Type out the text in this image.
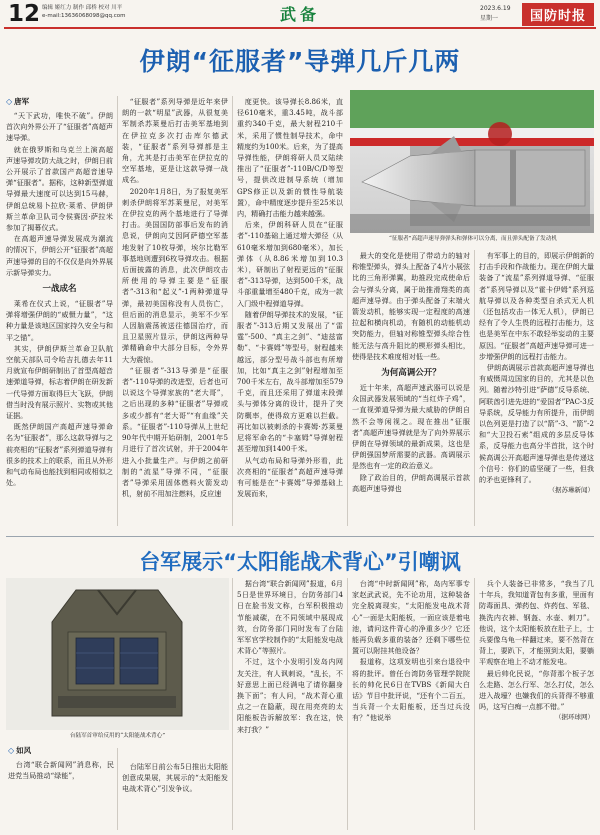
12 编辑 姬红力 制作 邱桥 校对 川平
e-mail:13636068098@qq.com	武备	2023.6.19
星期一	国防时报
伊朗“征服者”导弹几斤几两
◇ 唐军

“天下武功，唯快不破”。伊朗首次向外界公开了“征服者”高超声速导弹。

就在俄罗斯和乌克兰上演高超声速导弹攻防大战之时，伊朗日前公开展示了首款国产高超音速导弹“征服者”。据称，这种新型弹道导弹最大速度可以达到15马赫，伊朗总统易卜拉欣·莱希、伊朗伊斯兰革命卫队司令侯赛因·萨拉米参加了揭幕仪式。

在高超声速导弹发展成为潮流的情况下，伊朗公开“征服者”高超声速导弹的目的不仅仅是向外界展示新导弹实力。

一战成名

莱希在仪式上说，“征服者”导弹将增强伊朗的“威慑力量”，“这种力量是该地区国家持久安全与和平之锚”。

其实，伊朗伊斯兰革命卫队航空航天部队司令哈吉扎德去年11月就宣布伊朗研制出了首型高超音速弹道导弹，标志着伊朗在研发新一代导弹方面取得巨大飞跃，伊朗借当时没有展示照片、实物或其他证据。

既然伊朗国产高超声速导弹命名为“征服者”，那么这款导弹与之前亮相的“征服者”系列弹道导弹有很多的技术上的联系，而且从外形和气动布局也能找到相同或相似之处。

“征服者”系列导弹是近年来伊朗的一款“明星”武器，从很复美军制杀苏莱曼后打击美军基地到在伊拉克多次打击库尔德武装，“征服者”系列导弹都是主角，尤其是打击美军在伊拉克的空军基地，更是让这款导弹一战成名。

2020年1月8日，为了报复美军刺杀伊朗将军苏莱曼尼，对美军在伊拉克的两个基地进行了导弹打击。美国国防部事后发布的消息说，伊朗向艾因阿萨德空军基地发射了10枚导弹，埃尔比勒军事基地则遭到6枚导弹攻击。根据后面披露的消息，此次伊朗攻击所使用的导弹主要是“征服者”-313和“起义”-1两种弹道导弹，最初美国称没有人员伤亡，但后面的消息显示，美军不少军人因脑震荡被送往德国治疗，而且卫星照片显示，伊朗这两种导弹精确命中大部分目标，令外界大为震惊。

“征服者”-313导弹是“征服者”-110导弹的改进型，后者也可以说这个导弹家族的“老大哥”，之后出现的多种“征服者”导弹或多或少都有“老大哥”“有血缘”关系。“征服者”-110导弹从上世纪90年代中期开始研制，2001年5月进行了首次试射，并于2004年进入小批量生产。与伊朗之前研制的“流星”导弹不同，“征服者”导弹采用固体燃料火箭发动机，射前不用加注燃料，反应速

度更快。该导弹长8.86米，直径610毫米，重3.45吨，战斗部重约340千克，最大射程210千米，采用了惯性制导技术，命中精度约为100米。后来，为了提高导弹性能，伊朗将研人员又陆续推出了“征服者”-110B/C/D等型号，提供改进制导系统（增加GPS修正以及新的惯性导航装置），命中精度逐步提升至25米以内，精确打击能力越来越强。

后来，伊朗科研人员在“征服者”-110基础上通过增大弹径（从610毫米增加到680毫米），加长弹体（从8.86米增加到10.3米），研制出了射程更远的“征服者”-313导弹，达到500千米，战斗部重量增至480千克，成为一款入门级中程弹道导弹。

随着伊朗导弹技术的发展，“征服者”-313后期又发展出了“雷霆”-500、“真主之剑”、“迪兹富勒”、“卡赛姆”等型号，射程越来越远，部分型号战斗部也有所增加，比如“真主之剑”射程增加至700千米左右，战斗部增加至579千克，而且还采用了弹道末段弹头与弹体分离的设计，提升了突防概率，使得敌方更难以拦截。再比如以被刺杀的卡赛姆·苏莱曼尼将军命名的“卡塞姆”导弹射程甚至增加到1400千米。

从气动布局和导弹外形看，此次亮相的“征服者”高超声速导弹有可能是在“卡赛姆”导弹基础上发展而来，

“征服者”高超声速导弹弹头和弹体可以分离，而且弹头配备了发动机

最大的变化是使用了带动力的轴对称锥型弹头，弹头上配备了4片小展弦比的三角形弹翼，助推段完成使命后会与弹头分离，属于助推滑翔类的高超声速导弹。由于弹头配备了末端火箭发动机，能够实现一定程度的高速拉起和横向机动，有随机的动能机动突防能力，但轴对称锥型弹头综合性能无法与高升阻比的楔形弹头相比，使得是技术难度相对低一些。

为何高调公开？

近十年来，高超声速武器可以说是众国武器发展领域的“当红炸子鸡”，一直视弹道导弹为最大威胁的伊朗自然不会等闲视之。现在推出“征服者”高超声速导弹就是为了向外界展示伊朗在导弹领域的最新成果，这也是伊朗强国梦所需要的武器。高调展示是然也有一定的政治意义。

除了政治目的，伊朗高调展示首款高超声速导弹也

有军事上的目的，即展示伊朗新的打击手段和作战能力。现在伊朗大量装备了“流星”系列弹道导弹、“征服者”系列导弹以及“霍卡伊姆”系列巡航导弹以及各种类型自杀式无人机（还包括攻击一体无人机），伊朗已经有了令人生畏的远程打击能力，这也是美军在中东不敢轻举妄动的主要原因。“征服者”高超声速导弹可进一步增强伊朗的远程打击能力。

伊朗高调展示首款高超声速导弹也有威慑周边国家的目的，尤其是以色列。随着沙特引进“萨德”反导系统、阿联酋引进先进的“爱国者”PAC-3反导系统，反导能力有所提升，而伊朗以色列更是打造了以“箭”-3、“箭”-2和“大卫投石索”组成的多层反导体系，反导能力也高分半首批，这个时候高调公开高超声速导弹也是传递这个信号：你们的盾坚硬了一些，但我的矛也更锋利了。

（据苏琳新闻）
台军展示“太阳能战术背心”引嘲讽
台陆军首审给反用的“太阳能战术背心”
◇ 如风

台湾“联合新闻网”消息称，民进党当局推动“绿能”，

台陆军日前公布5日推出太阳能创意成果展，其展示的“太阳能发电战术背心”引发争议。

据台湾“联合新闻网”报道，6月5日是世界环境日，台防务部门4日在脸书发文称，台军积极推动节能减碳，在不同领域中展现成效，台防务部门同时发布了台陆军军官学校制作的“太阳能发电战术背心”等照片。

不过，这个小发明引发岛内网友关注，有人讽刺说，“乱长，不好意思上面已经满电了请你翻身换下面”；有人问，“战术背心重点之一在隐蔽，现在用亮亮的太阳能板告诉解放军：我在这，快来打我？”

台湾“中时新闻网”称，岛内军事专家赵武武说，先不论功用，这种装备完全脱离现实，“太阳能发电战术背心”一面是太阳能板，一面应该是着电池，请问这件背心的净重多少？它还能再负载多重的装备？还剩下哪些位置可以附挂其他设备？

报道称，这项发明也引来台退役中将的批评。曾任台湾防务管理学院院长的帅化民6日在TVBS《新闻大白话》节目中批评说，“还有个二百五，当兵背一个太阳能板，还当过兵没有？”他说举

兵个人装备已非常多，“我当了几十年兵，我知道背包有多重，里面有防毒面具、弹药包、炸药包、军毯、换洗内衣裤、钢盔、水壶、刺刀”。他说，这个太阳能板放在肚子上，士兵要像乌龟一样翻过来，要不然背在背上，要趴下，才能照到太阳，要躺平观察在地上不动才能发电。

最后帅化民说，“你背那个板子怎么走路、怎么行军、怎么打仗，怎么进入战壕？也嫌我们的兵背得不够重吗，这写白痴一点都不错。”

（据环球网）
